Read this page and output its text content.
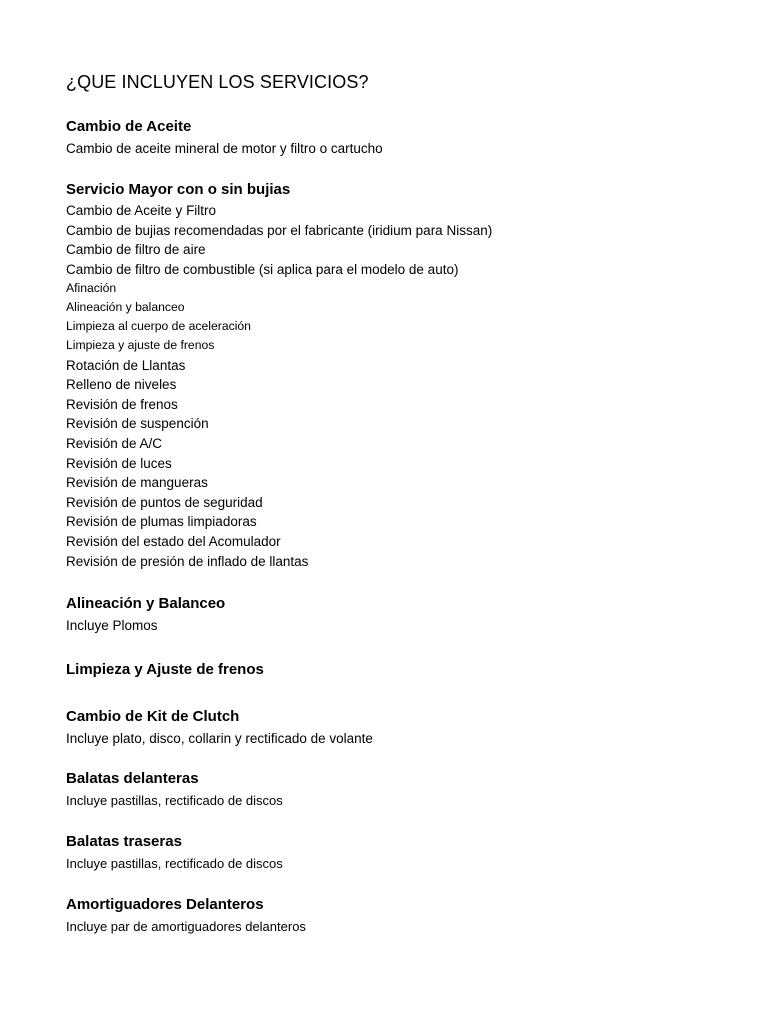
¿QUE INCLUYEN LOS SERVICIOS?
Cambio de Aceite

Cambio de aceite mineral de motor y filtro o cartucho

Servicio Mayor con o sin bujias

Cambio de Aceite y Filtro

Cambio de bujias recomendadas por el fabricante (iridium para Nissan)

Cambio de filtro de aire

Cambio de filtro de combustible (si aplica para el modelo de auto)

Afinación

Alineación y balanceo

Limpieza al cuerpo de aceleración

Limpieza y ajuste de frenos

Rotación de Llantas

Relleno de niveles

Revisión de frenos

Revisión de suspención

Revisión de A/C

Revisión de luces

Revisión de mangueras

Revisión de puntos de seguridad

Revisión de plumas limpiadoras

Revisión del estado del Acomulador

Revisión de presión de inflado de llantas

Alineación y Balanceo

Incluye Plomos

Limpieza y Ajuste de frenos
Cambio de Kit de Clutch

Incluye plato, disco, collarin y rectificado de volante

Balatas delanteras

Incluye pastillas, rectificado de discos

Balatas traseras

Incluye pastillas, rectificado de discos

Amortiguadores Delanteros

Incluye par de amortiguadores delanteros
